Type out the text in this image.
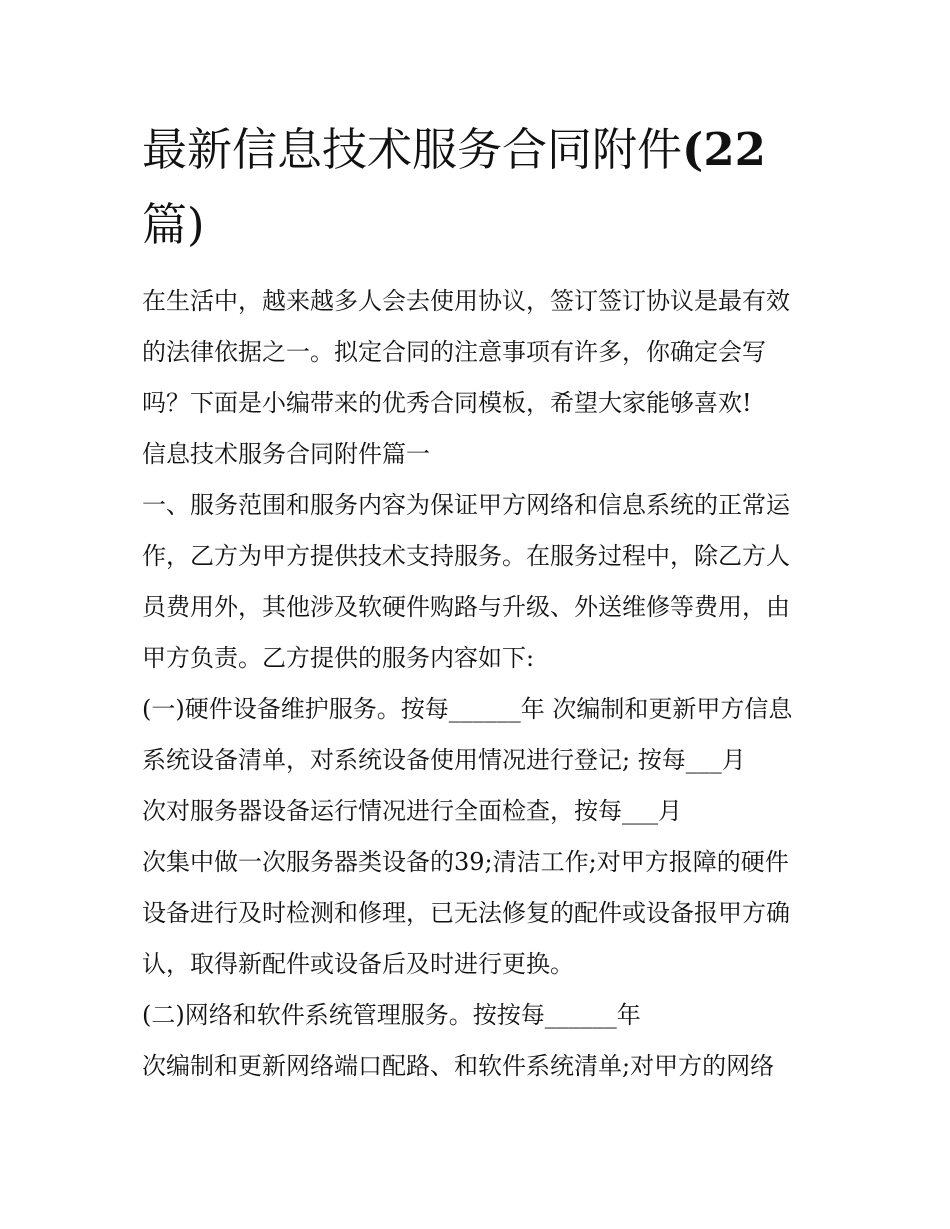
最新信息技术服务合同附件(22
篇)
在生活中，越来越多人会去使用协议，签订签订协议是最有效
的法律依据之一。拟定合同的注意事项有许多，你确定会写
吗？下面是小编带来的优秀合同模板，希望大家能够喜欢!
信息技术服务合同附件篇一
一、服务范围和服务内容为保证甲方网络和信息系统的正常运
作，乙方为甲方提供技术支持服务。在服务过程中，除乙方人
员费用外，其他涉及软硬件购路与升级、外送维修等费用，由
甲方负责。乙方提供的服务内容如下:
(一)硬件设备维护服务。按每______年 次编制和更新甲方信息
系统设备清单，对系统设备使用情况进行登记; 按每___月
次对服务器设备运行情况进行全面检查，按每___月
次集中做一次服务器类设备的39;清洁工作;对甲方报障的硬件
设备进行及时检测和修理，已无法修复的配件或设备报甲方确
认，取得新配件或设备后及时进行更换。
(二)网络和软件系统管理服务。按按每______年
次编制和更新网络端口配路、和软件系统清单;对甲方的网络
